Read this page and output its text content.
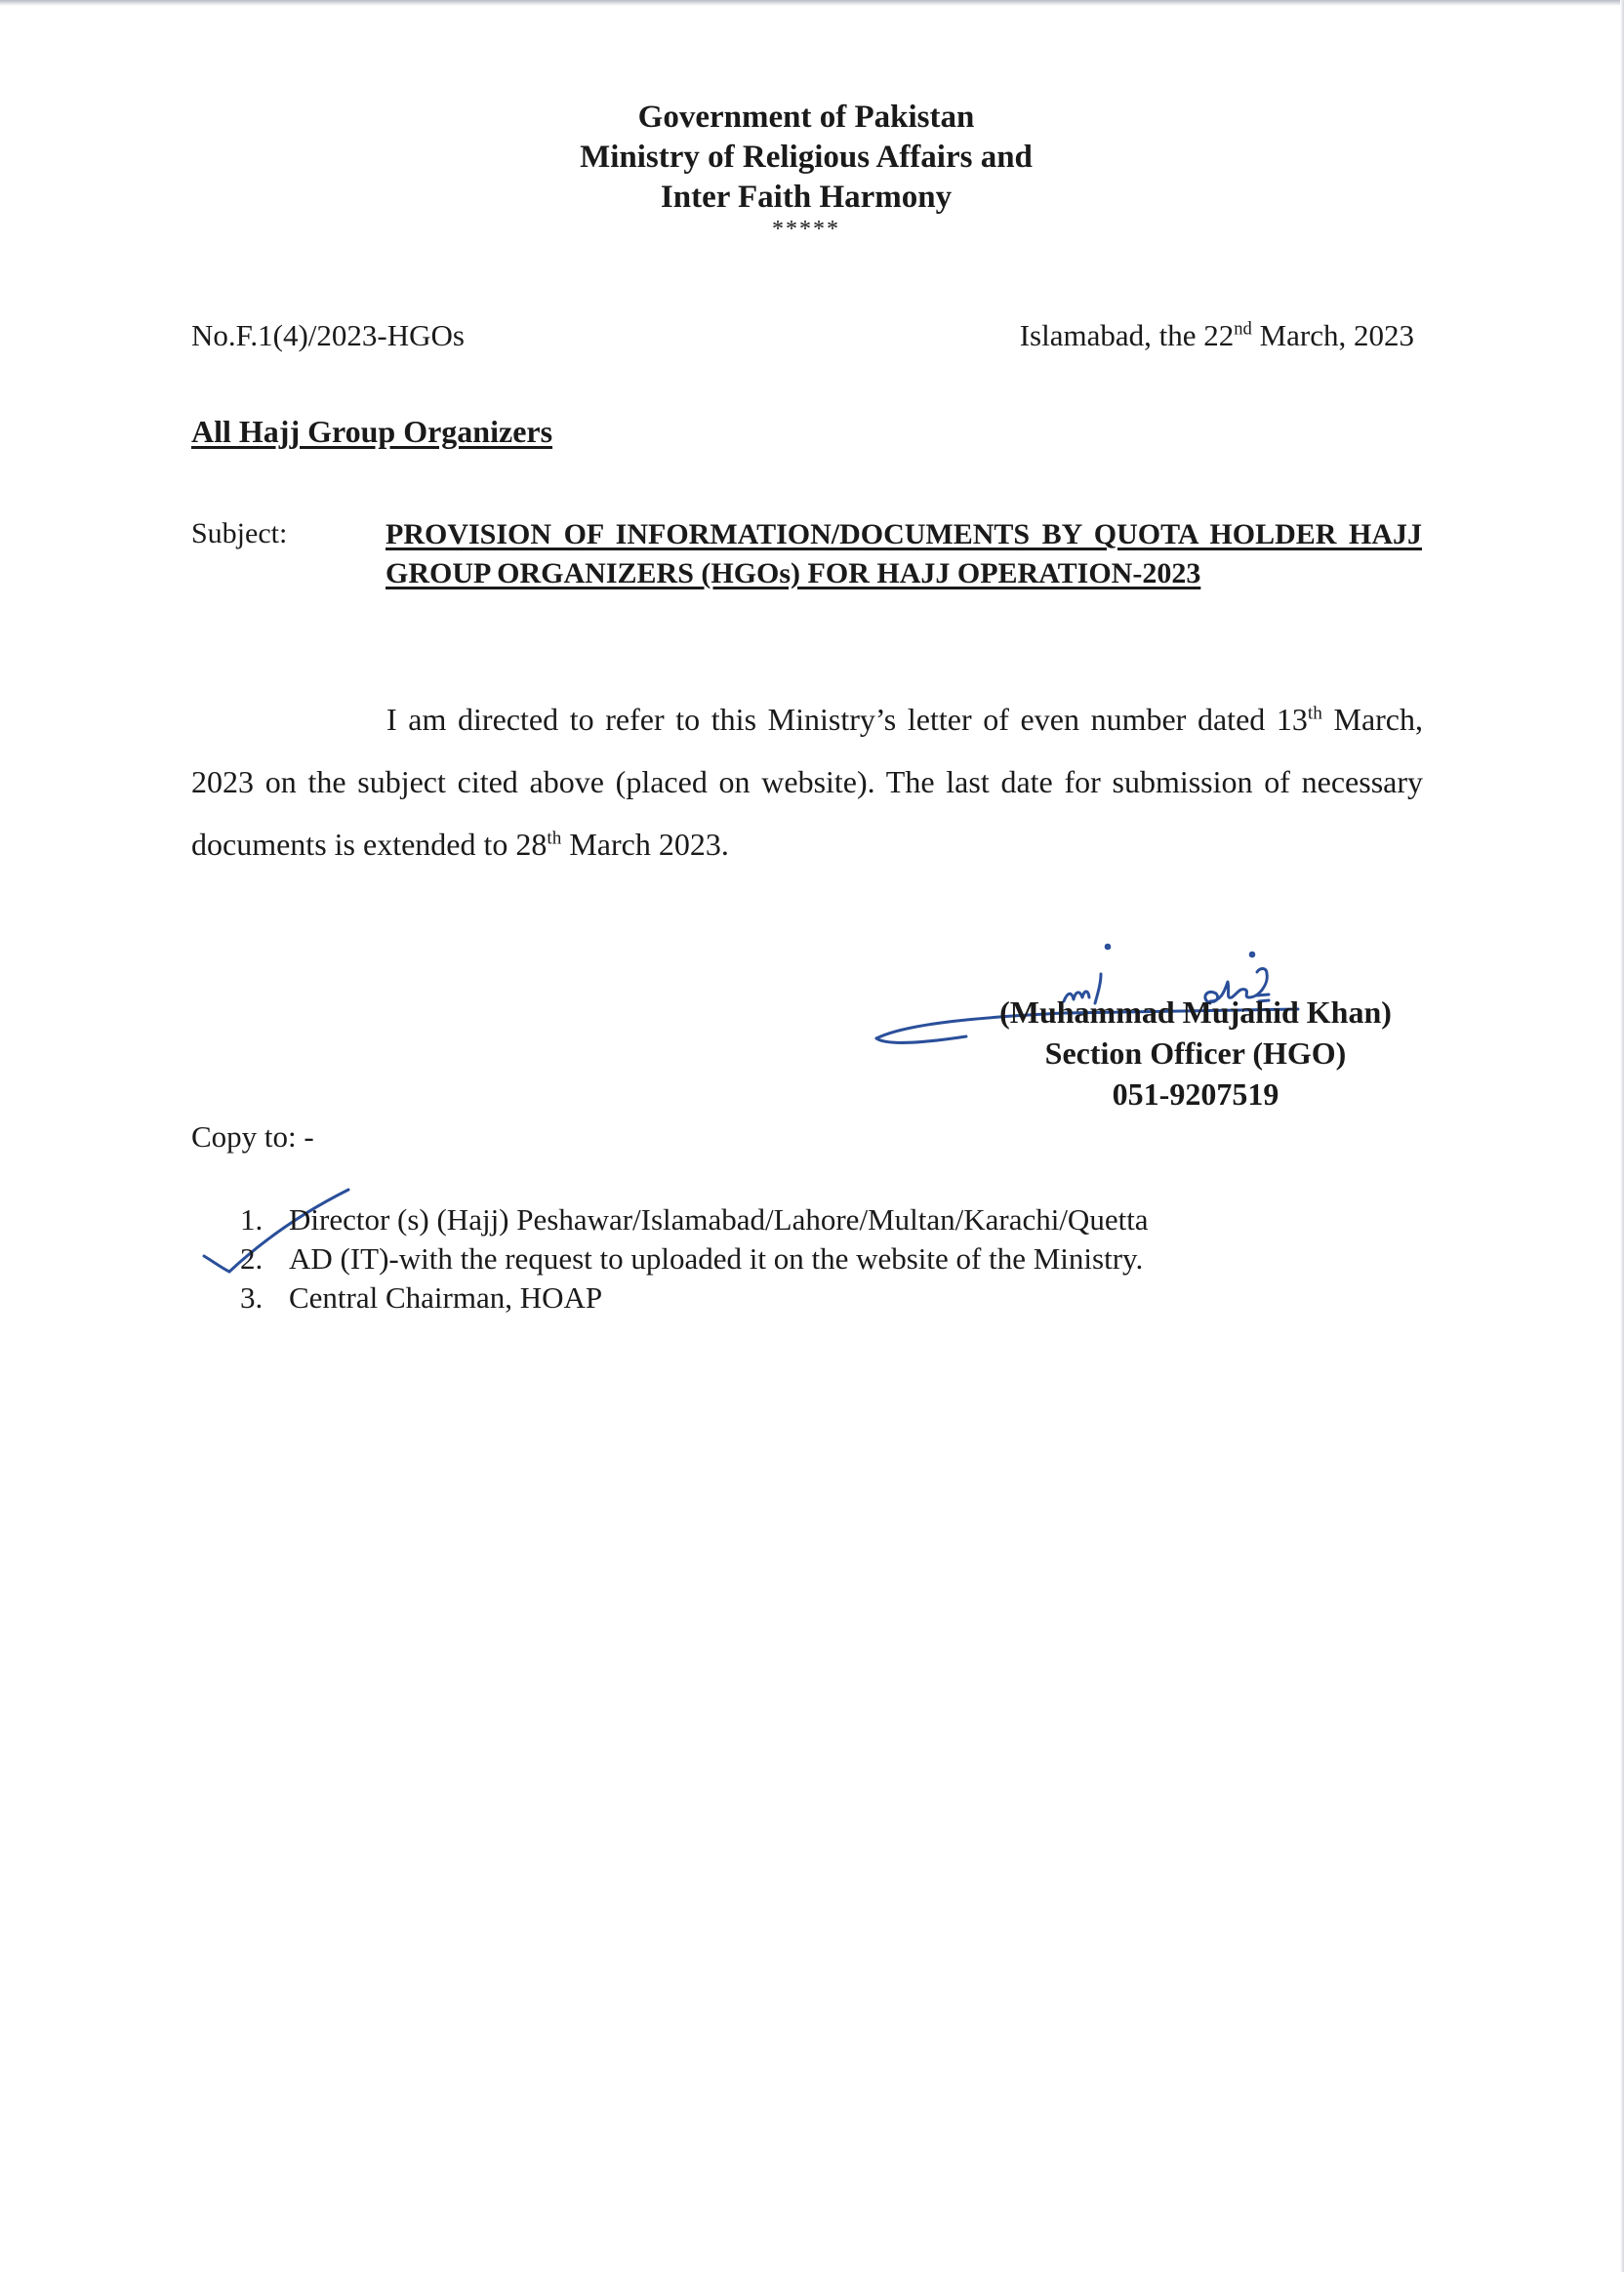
Government of Pakistan
Ministry of Religious Affairs and
Inter Faith Harmony
*****
No.F.1(4)/2023-HGOs	Islamabad, the 22nd March, 2023
All Hajj Group Organizers
Subject:	PROVISION OF INFORMATION/DOCUMENTS BY QUOTA HOLDER HAJJ GROUP ORGANIZERS (HGOs) FOR HAJJ OPERATION-2023

I am directed to refer to this Ministry’s letter of even number dated 13th March, 2023 on the subject cited above (placed on website). The last date for submission of necessary documents is extended to 28th March 2023.

(Muhammad Mujahid Khan)
Section Officer (HGO)
051-9207519
Copy to: -
1. Director (s) (Hajj) Peshawar/Islamabad/Lahore/Multan/Karachi/Quetta
2. AD (IT)-with the request to uploaded it on the website of the Ministry.
3. Central Chairman, HOAP
